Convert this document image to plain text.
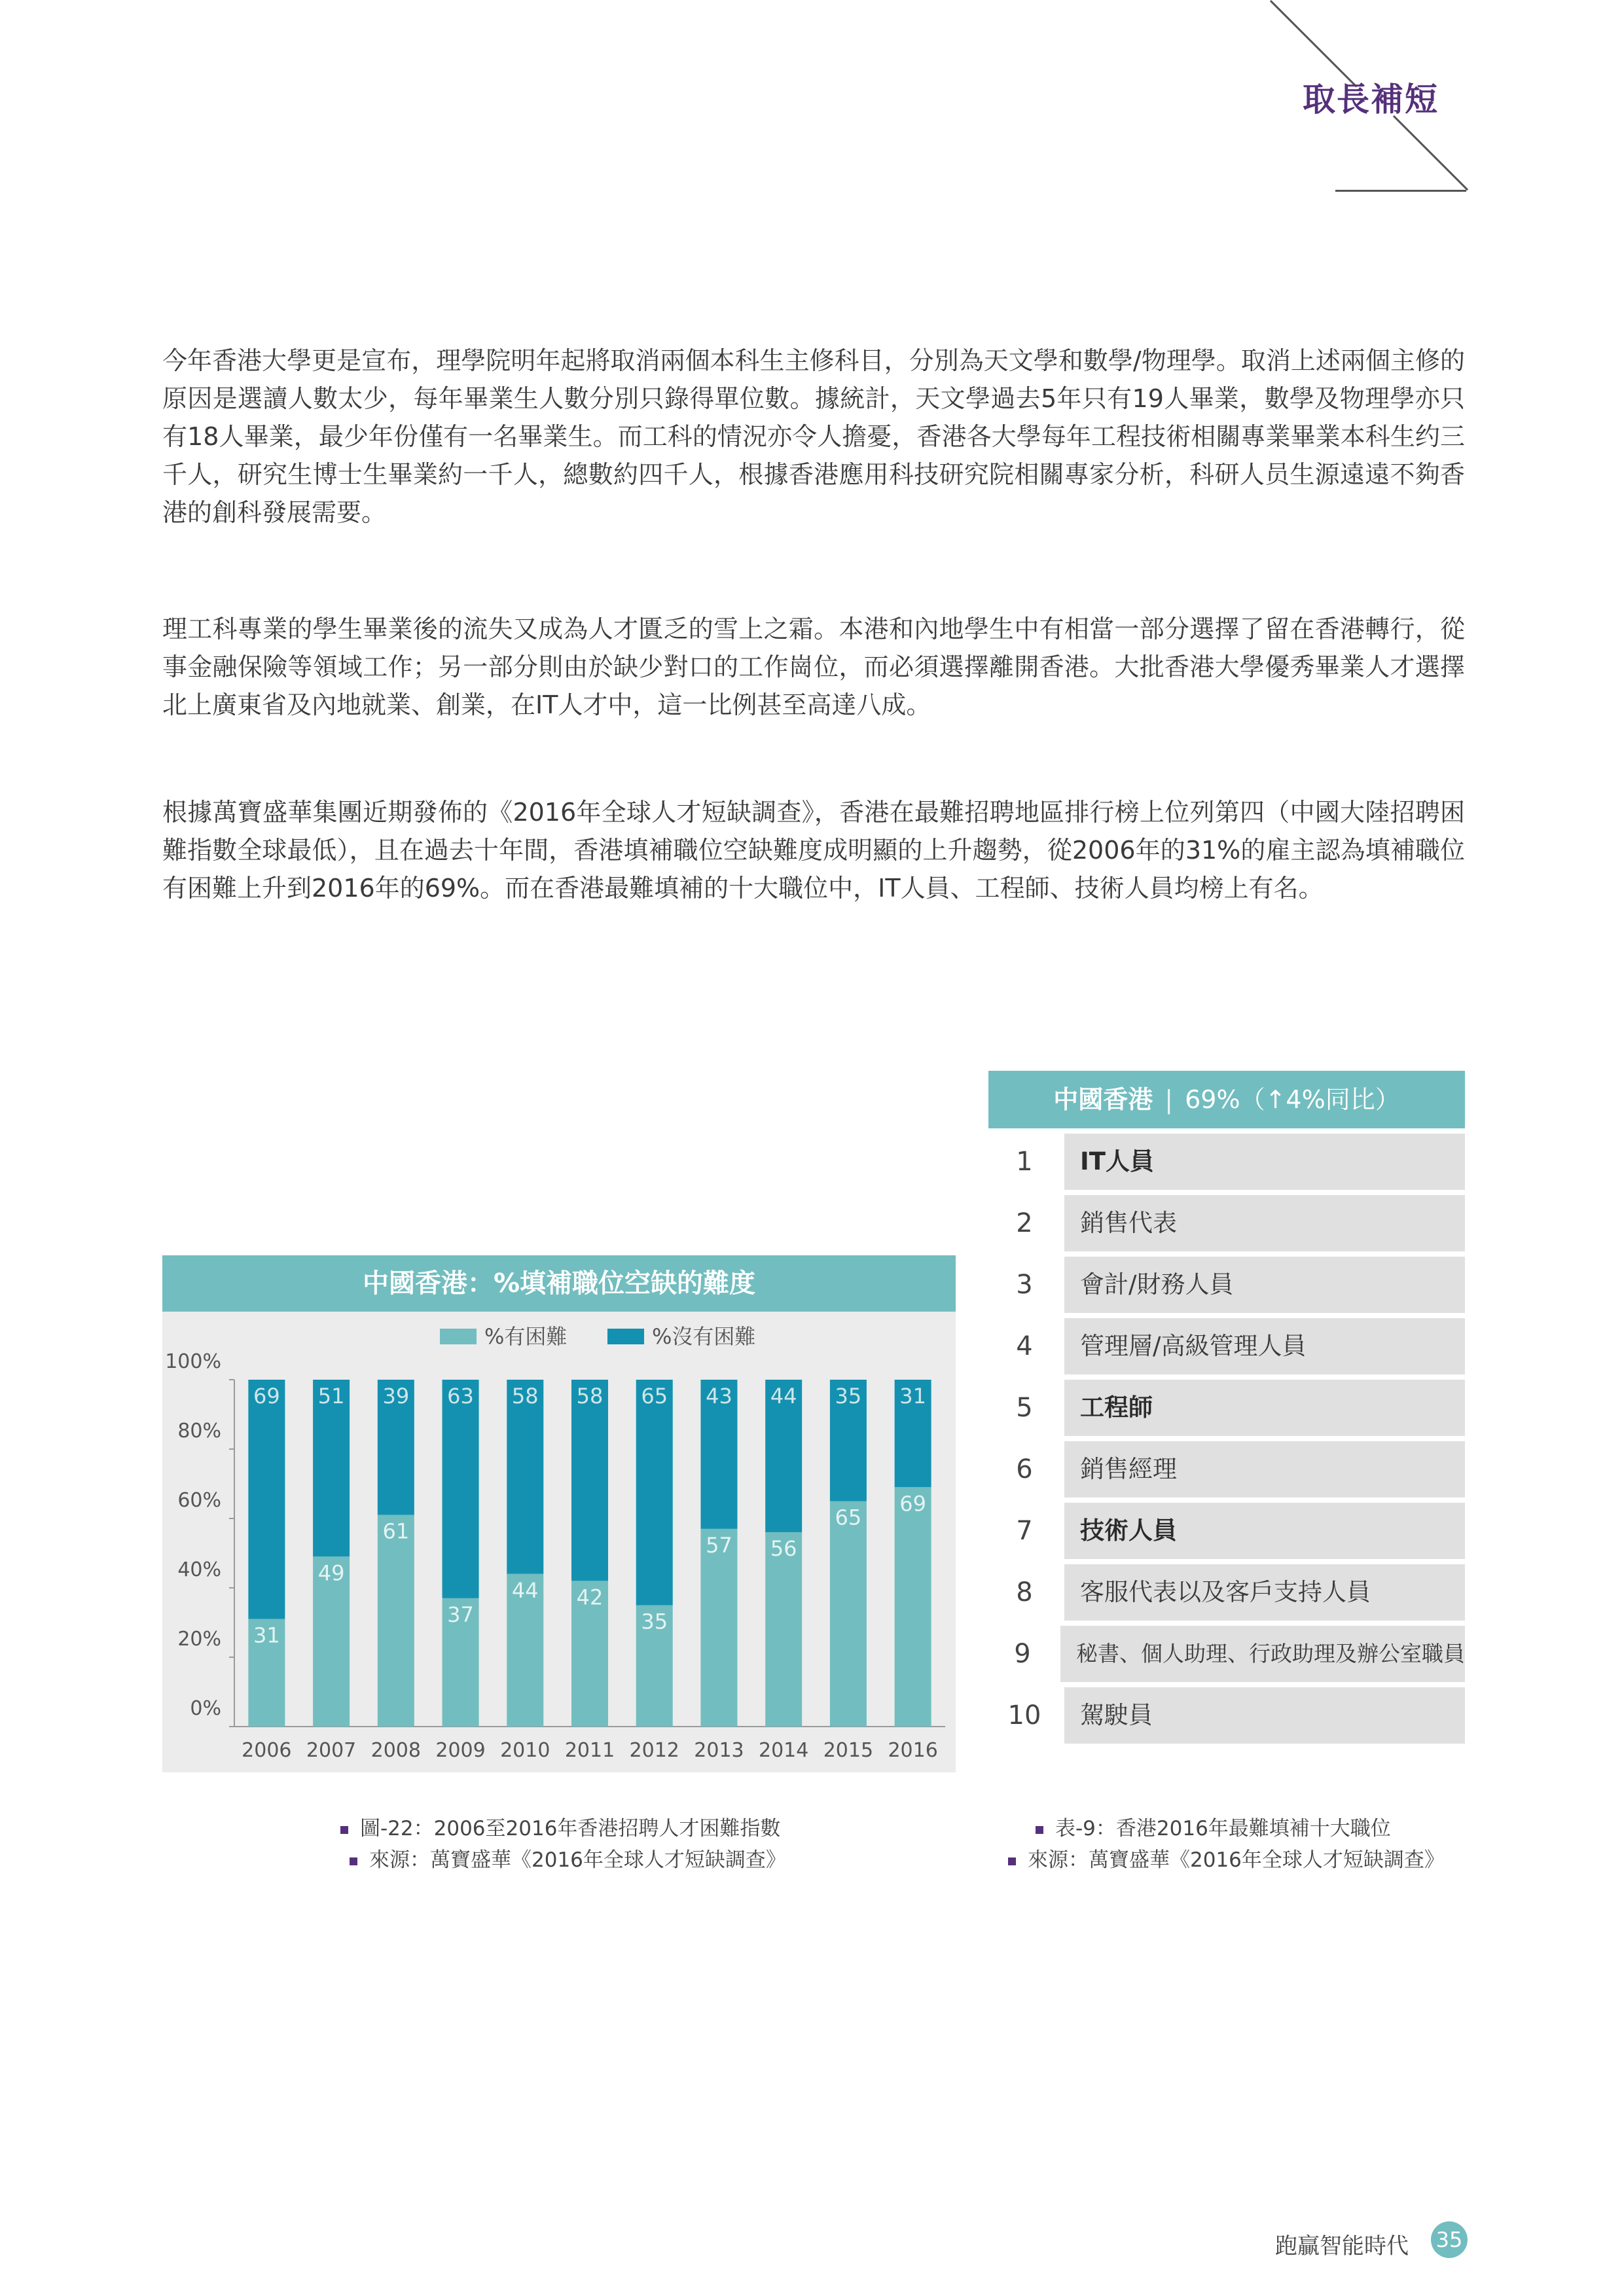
取長補短

今年香港大學更是宣布，理學院明年起將取消兩個本科生主修科目，分別為天文學和數學/物理學。取消上述兩個主修的原因是選讀人數太少，每年畢業生人數分別只錄得單位數。據統計，天文學過去5年只有19人畢業，數學及物理學亦只有18人畢業，最少年份僅有一名畢業生。而工科的情況亦令人擔憂，香港各大學每年工程技術相關專業畢業本科生约三千人，研究生博士生畢業約一千人，總數約四千人，根據香港應用科技研究院相關專家分析，科研人员生源遠遠不夠香港的創科發展需要。

理工科專業的學生畢業後的流失又成為人才匱乏的雪上之霜。本港和內地學生中有相當一部分選擇了留在香港轉行，從事金融保險等領域工作；另一部分則由於缺少對口的工作崗位，而必須選擇離開香港。大批香港大學優秀畢業人才選擇北上廣東省及內地就業、創業，在IT人才中，這一比例甚至高達八成。

根據萬寶盛華集團近期發佈的《2016年全球人才短缺調查》，香港在最難招聘地區排行榜上位列第四（中國大陸招聘困難指數全球最低），且在過去十年間，香港填補職位空缺難度成明顯的上升趨勢，從2006年的31%的雇主認為填補職位有困難上升到2016年的69%。而在香港最難填補的十大職位中，IT人員、工程師、技術人員均榜上有名。

中國香港：%填補職位空缺的難度
0%
20%
40%
60%
80%
100%
%有困難	%沒有困難
69
31
2006
51
49
2007
39
61
2008
63
37
2009
58
44
2010
58
42
2011
65
35
2012
43
57
2013
44
56
2014
35
65
2015
31
69
2016
中國香港 | 69%（↑4%同比）
1	IT人員
2	銷售代表
3	會計/財務人員
4	管理層/高級管理人員
5	工程師
6	銷售經理
7	技術人員
8	客服代表以及客戶支持人員
9	秘書、個人助理、行政助理及辦公室職員
10	駕駛員
圖-22：2006至2016年香港招聘人才困難指數
來源：萬寶盛華《2016年全球人才短缺調查》
表-9：香港2016年最難填補十大職位
來源：萬寶盛華《2016年全球人才短缺調查》
跑贏智能時代 35
